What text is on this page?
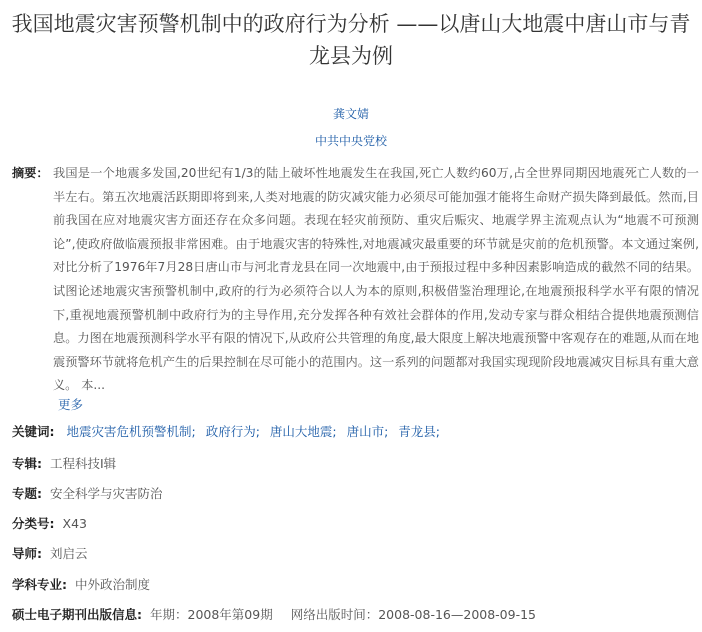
我国地震灾害预警机制中的政府行为分析 ——以唐山大地震中唐山市与青龙县为例
龚文婧
中共中央党校
摘要： 我国是一个地震多发国,20世纪有1/3的陆上破坏性地震发生在我国,死亡人数约60万,占全世界同期因地震死亡人数的一半左右。第五次地震活跃期即将到来,人类对地震的防灾减灾能力必须尽可能加强才能将生命财产损失降到最低。然而,目前我国在应对地震灾害方面还存在众多问题。表现在轻灾前预防、重灾后赈灾、地震学界主流观点认为“地震不可预测论”,使政府做临震预报非常困难。由于地震灾害的特殊性,对地震减灾最重要的环节就是灾前的危机预警。本文通过案例,对比分析了1976年7月28日唐山市与河北青龙县在同一次地震中,由于预报过程中多种因素影响造成的截然不同的结果。试图论述地震灾害预警机制中,政府的行为必须符合以人为本的原则,积极借鉴治理理论,在地震预报科学水平有限的情况下,重视地震预警机制中政府行为的主导作用,充分发挥各种有效社会群体的作用,发动专家与群众相结合提供地震预测信息。力图在地震预测科学水平有限的情况下,从政府公共管理的角度,最大限度上解决地震预警中客观存在的难题,从而在地震预警环节就将危机产生的后果控制在尽可能小的范围内。这一系列的问题都对我国实现现阶段地震减灾目标具有重大意义。 本...
更多
关键词: 地震灾害危机预警机制; 政府行为; 唐山大地震; 唐山市; 青龙县;
专辑: 工程科技Ⅰ辑
专题: 安全科学与灾害防治
分类号: X43
导师: 刘启云
学科专业: 中外政治制度
硕士电子期刊出版信息: 年期：2008年第09期 网络出版时间：2008-08-16—2008-09-15
